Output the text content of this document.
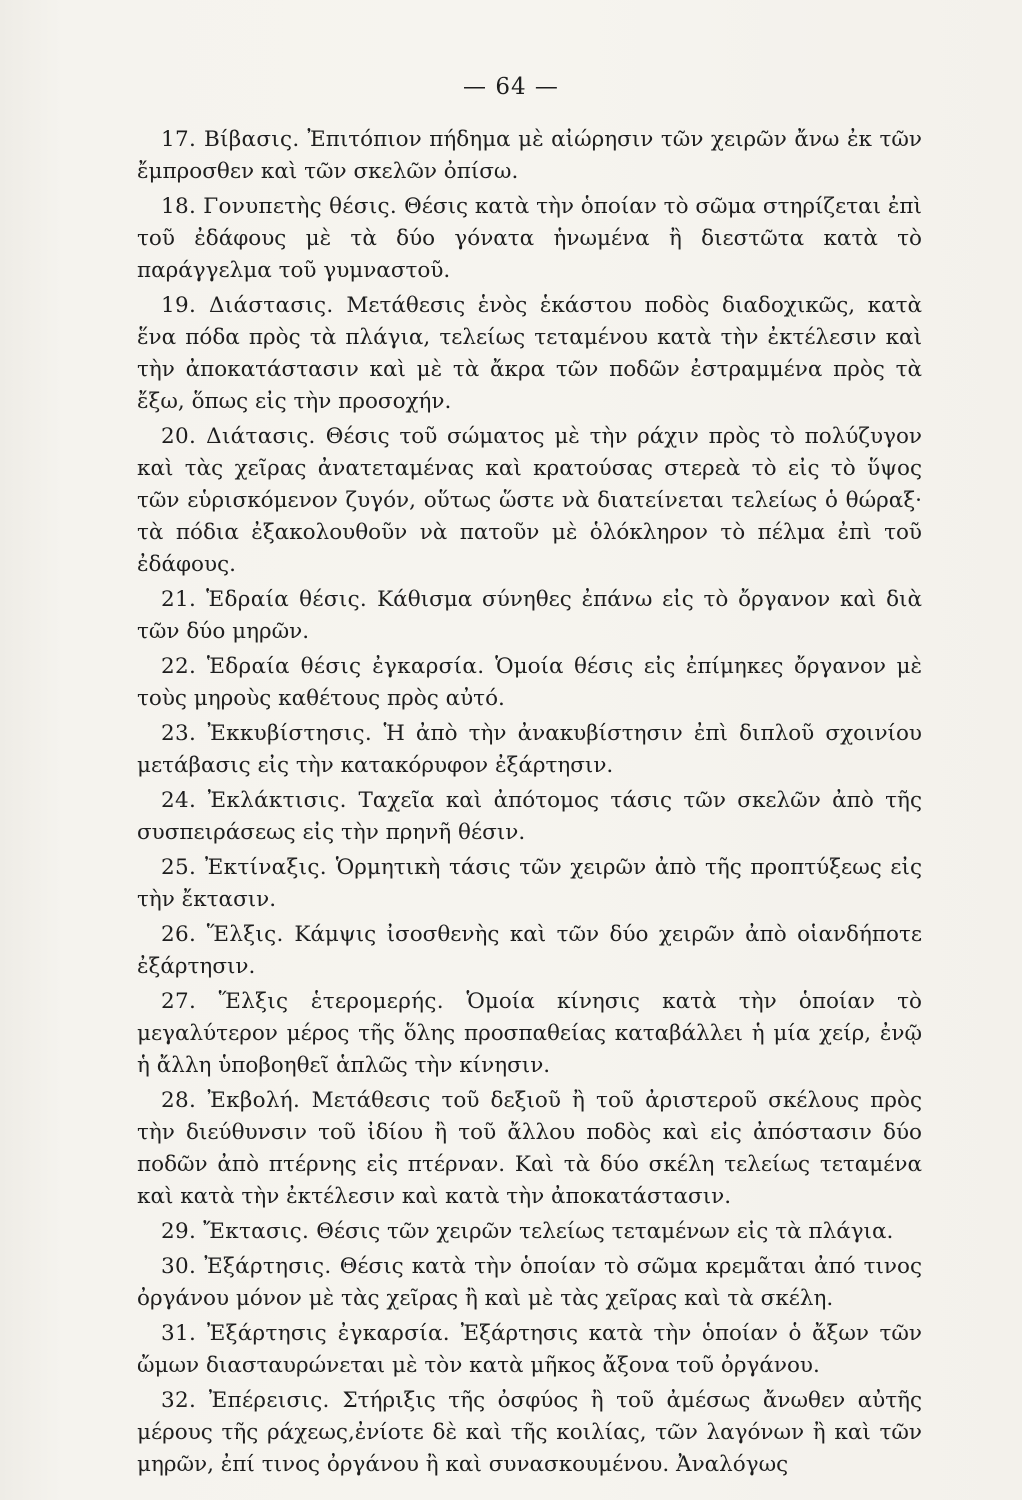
— 64 —

17. Βίβασις. Ἐπιτόπιον πήδημα μὲ αἰώρησιν τῶν χειρῶν ἄνω ἐκ τῶν ἔμπροσθεν καὶ τῶν σκελῶν ὀπίσω.

18. Γονυπετὴς θέσις. Θέσις κατὰ τὴν ὁποίαν τὸ σῶμα στηρίζεται ἐπὶ τοῦ ἐδάφους μὲ τὰ δύο γόνατα ἡνωμένα ἢ διεστῶτα κατὰ τὸ παράγγελμα τοῦ γυμναστοῦ.

19. Διάστασις. Μετάθεσις ἑνὸς ἑκάστου ποδὸς διαδοχικῶς, κατὰ ἕνα πόδα πρὸς τὰ πλάγια, τελείως τεταμένου κατὰ τὴν ἐκτέλεσιν καὶ τὴν ἀποκατάστασιν καὶ μὲ τὰ ἄκρα τῶν ποδῶν ἐστραμμένα πρὸς τὰ ἔξω, ὅπως εἰς τὴν προσοχήν.

20. Διάτασις. Θέσις τοῦ σώματος μὲ τὴν ράχιν πρὸς τὸ πολύζυγον καὶ τὰς χεῖρας ἀνατεταμένας καὶ κρατούσας στερεὰ τὸ εἰς τὸ ὕψος τῶν εὑρισκόμενον ζυγόν, οὕτως ὥστε νὰ διατείνεται τελείως ὁ θώραξ· τὰ πόδια ἐξακολουθοῦν νὰ πατοῦν μὲ ὁλόκληρον τὸ πέλμα ἐπὶ τοῦ ἐδάφους.

21. Ἑδραία θέσις. Κάθισμα σύνηθες ἐπάνω εἰς τὸ ὄργανον καὶ διὰ τῶν δύο μηρῶν.

22. Ἑδραία θέσις ἐγκαρσία. Ὁμοία θέσις εἰς ἐπίμηκες ὄργανον μὲ τοὺς μηροὺς καθέτους πρὸς αὐτό.

23. Ἐκκυβίστησις. Ἡ ἀπὸ τὴν ἀνακυβίστησιν ἐπὶ διπλοῦ σχοινίου μετάβασις εἰς τὴν κατακόρυφον ἐξάρτησιν.

24. Ἐκλάκτισις. Ταχεῖα καὶ ἀπότομος τάσις τῶν σκελῶν ἀπὸ τῆς συσπειράσεως εἰς τὴν πρηνῆ θέσιν.

25. Ἐκτίναξις. Ὁρμητικὴ τάσις τῶν χειρῶν ἀπὸ τῆς προπτύξεως εἰς τὴν ἔκτασιν.

26. Ἕλξις. Κάμψις ἰσοσθενὴς καὶ τῶν δύο χειρῶν ἀπὸ οἱανδήποτε ἐξάρτησιν.

27. Ἕλξις ἑτερομερής. Ὁμοία κίνησις κατὰ τὴν ὁποίαν τὸ μεγαλύτερον μέρος τῆς ὅλης προσπαθείας καταβάλλει ἡ μία χείρ, ἐνῷ ἡ ἄλλη ὑποβοηθεῖ ἁπλῶς τὴν κίνησιν.

28. Ἐκβολή. Μετάθεσις τοῦ δεξιοῦ ἢ τοῦ ἀριστεροῦ σκέλους πρὸς τὴν διεύθυνσιν τοῦ ἰδίου ἢ τοῦ ἄλλου ποδὸς καὶ εἰς ἀπόστασιν δύο ποδῶν ἀπὸ πτέρνης εἰς πτέρναν. Καὶ τὰ δύο σκέλη τελείως τεταμένα καὶ κατὰ τὴν ἐκτέλεσιν καὶ κατὰ τὴν ἀποκατάστασιν.

29. Ἔκτασις. Θέσις τῶν χειρῶν τελείως τεταμένων εἰς τὰ πλάγια.

30. Ἐξάρτησις. Θέσις κατὰ τὴν ὁποίαν τὸ σῶμα κρεμᾶται ἀπό τινος ὀργάνου μόνον μὲ τὰς χεῖρας ἢ καὶ μὲ τὰς χεῖρας καὶ τὰ σκέλη.

31. Ἐξάρτησις ἐγκαρσία. Ἐξάρτησις κατὰ τὴν ὁποίαν ὁ ἄξων τῶν ὤμων διασταυρώνεται μὲ τὸν κατὰ μῆκος ἄξονα τοῦ ὀργάνου.

32. Ἐπέρεισις. Στήριξις τῆς ὀσφύος ἢ τοῦ ἀμέσως ἄνωθεν αὐτῆς μέρους τῆς ράχεως,ἐνίοτε δὲ καὶ τῆς κοιλίας, τῶν λαγόνων ἢ καὶ τῶν μηρῶν, ἐπί τινος ὀργάνου ἢ καὶ συνασκουμένου. Ἀναλόγως
